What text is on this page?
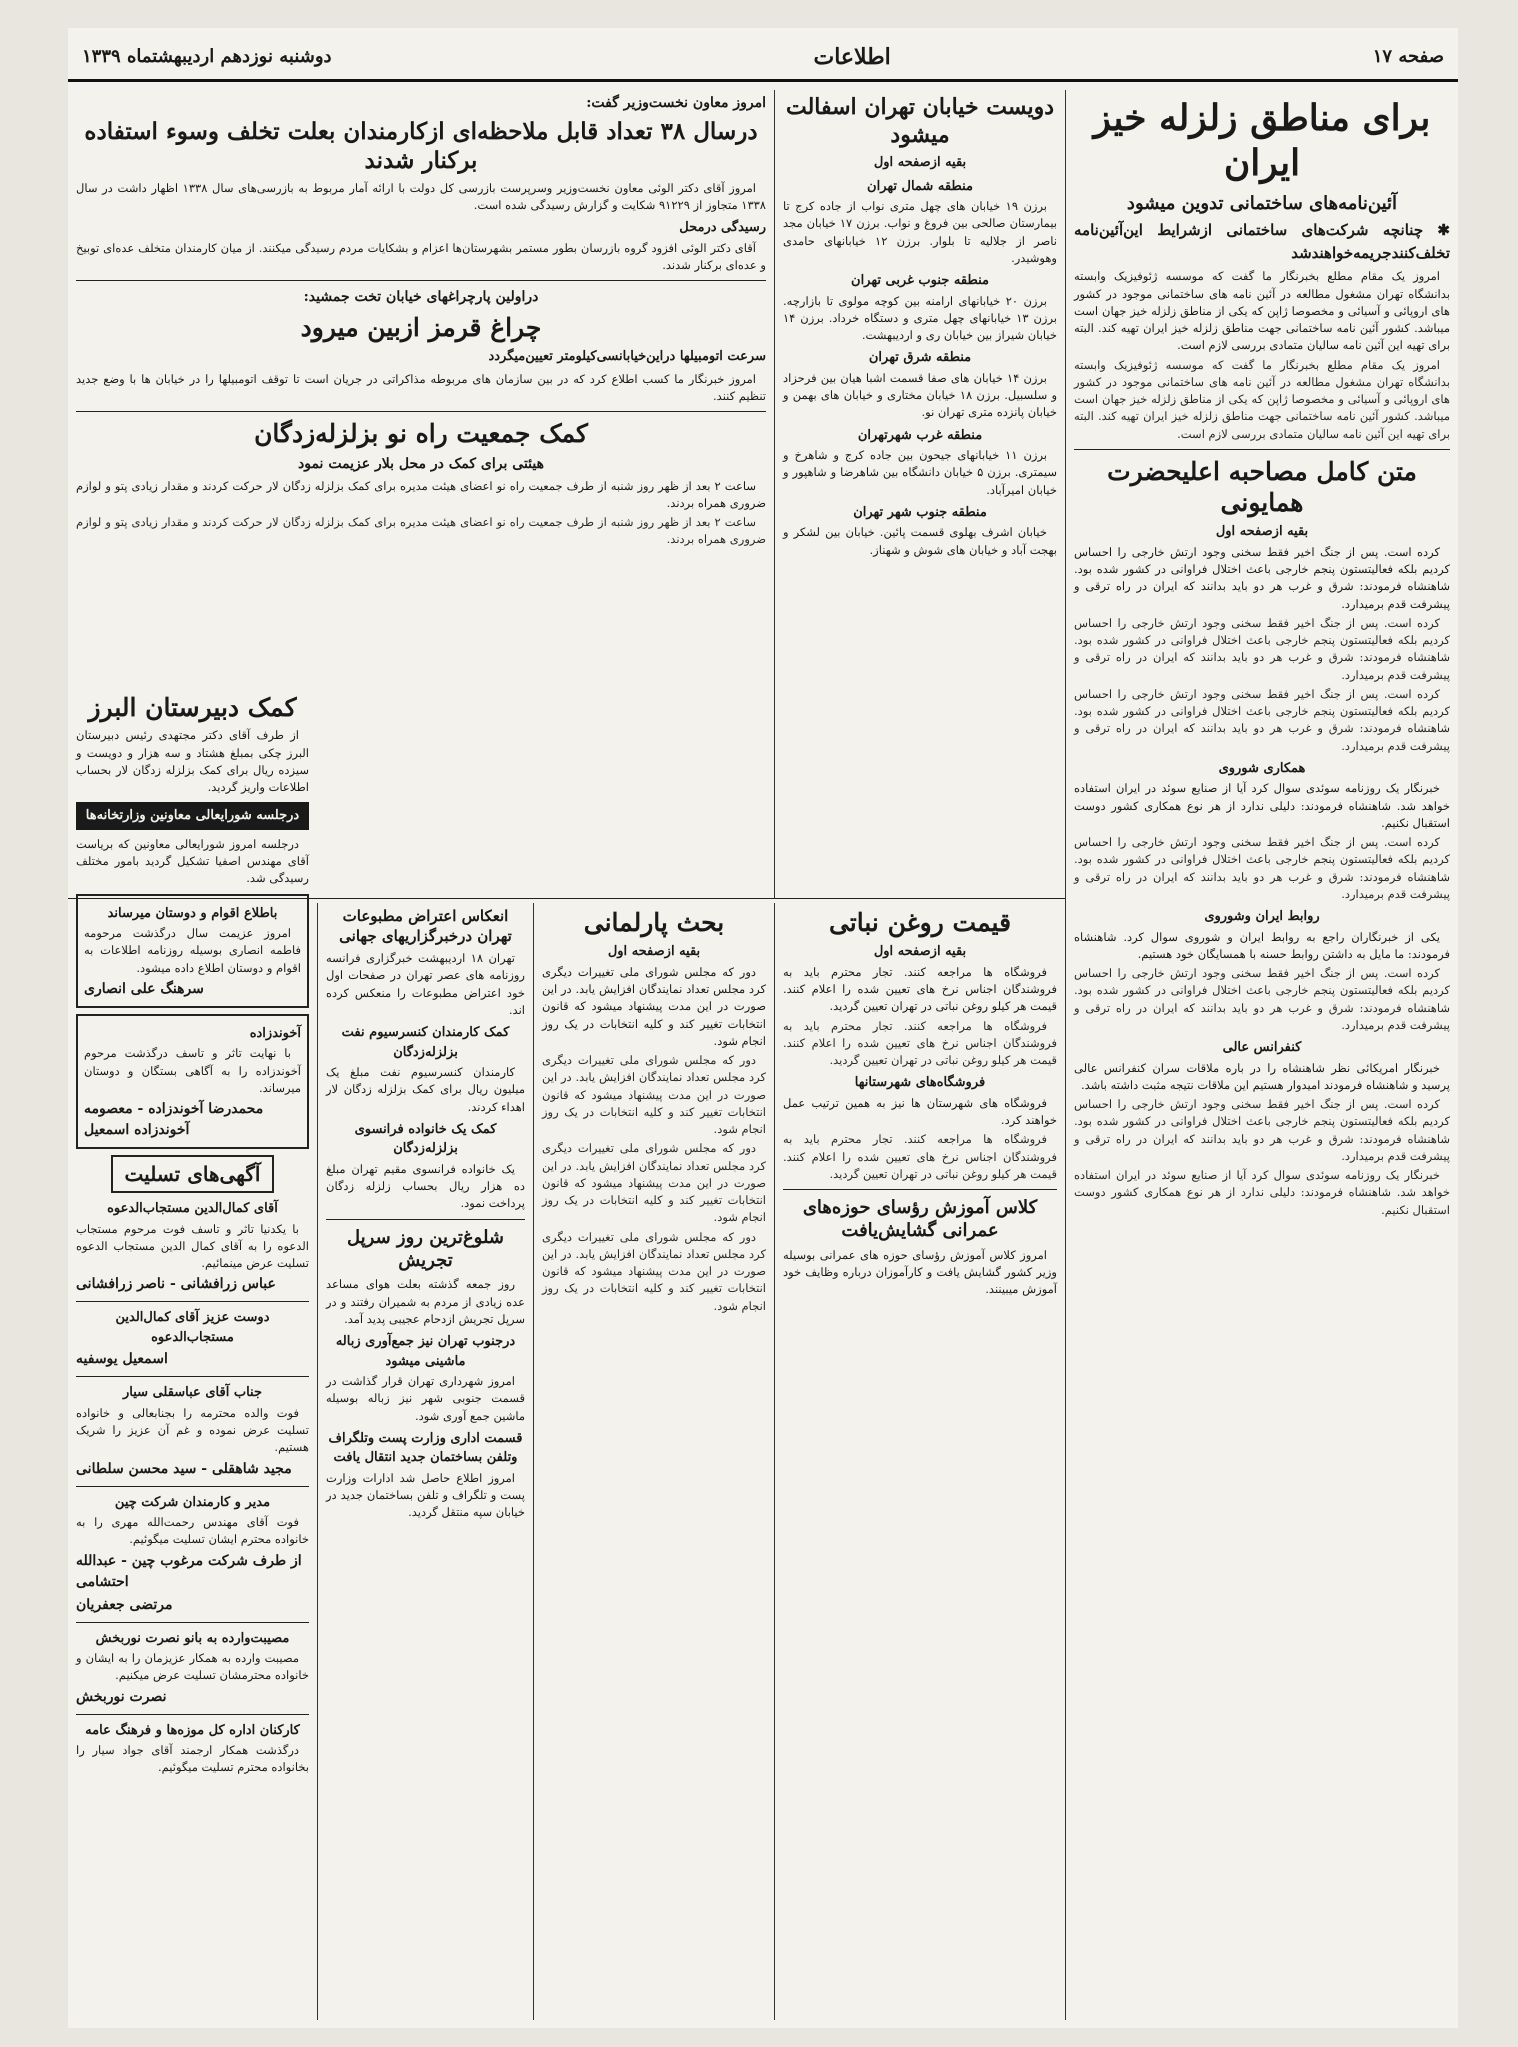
صفحه ۱۷
اطلاعات
دوشنبه نوزدهم اردیبهشتماه ۱۳۳۹
برای مناطق زلزله خیز ایران
آئین‌نامه‌های ساختمانی تدوین میشود
✱ چنانچه شرکت‌های ساختمانی ازشرایط این‌آئین‌نامه تخلف‌کنندجریمه‌خواهندشد

امروز یک مقام مطلع بخبرنگار ما گفت که موسسه ژئوفیزیک وابسته بدانشگاه تهران مشغول مطالعه در آئین نامه های ساختمانی موجود در کشور های اروپائی و آسیائی و مخصوصا ژاپن که یکی از مناطق زلزله خیز جهان است میباشد. کشور آئین نامه ساختمانی جهت مناطق زلزله خیز ایران تهیه کند. البته برای تهیه این آئین نامه سالیان متمادی بررسی لازم است.

امروز یک مقام مطلع بخبرنگار ما گفت که موسسه ژئوفیزیک وابسته بدانشگاه تهران مشغول مطالعه در آئین نامه های ساختمانی موجود در کشور های اروپائی و آسیائی و مخصوصا ژاپن که یکی از مناطق زلزله خیز جهان است میباشد. کشور آئین نامه ساختمانی جهت مناطق زلزله خیز ایران تهیه کند. البته برای تهیه این آئین نامه سالیان متمادی بررسی لازم است.

متن کامل مصاحبه اعلیحضرت همایونی
بقیه ازصفحه اول

کرده است. پس از جنگ اخیر فقط سخنی وجود ارتش خارجی را احساس کردیم بلکه فعالیتستون پنجم خارجی باعث اختلال فراوانی در کشور شده بود. شاهنشاه فرمودند: شرق و غرب هر دو باید بدانند که ایران در راه ترقی و پیشرفت قدم برمیدارد.

کرده است. پس از جنگ اخیر فقط سخنی وجود ارتش خارجی را احساس کردیم بلکه فعالیتستون پنجم خارجی باعث اختلال فراوانی در کشور شده بود. شاهنشاه فرمودند: شرق و غرب هر دو باید بدانند که ایران در راه ترقی و پیشرفت قدم برمیدارد.

کرده است. پس از جنگ اخیر فقط سخنی وجود ارتش خارجی را احساس کردیم بلکه فعالیتستون پنجم خارجی باعث اختلال فراوانی در کشور شده بود. شاهنشاه فرمودند: شرق و غرب هر دو باید بدانند که ایران در راه ترقی و پیشرفت قدم برمیدارد.

همکاری شوروی

خبرنگار یک روزنامه سوئدی سوال کرد آیا از صنایع سوئد در ایران استفاده خواهد شد. شاهنشاه فرمودند: دلیلی ندارد از هر نوع همکاری کشور دوست استقبال نکنیم.

کرده است. پس از جنگ اخیر فقط سخنی وجود ارتش خارجی را احساس کردیم بلکه فعالیتستون پنجم خارجی باعث اختلال فراوانی در کشور شده بود. شاهنشاه فرمودند: شرق و غرب هر دو باید بدانند که ایران در راه ترقی و پیشرفت قدم برمیدارد.

روابط ایران وشوروی

یکی از خبرنگاران راجع به روابط ایران و شوروی سوال کرد. شاهنشاه فرمودند: ما مایل به داشتن روابط حسنه با همسایگان خود هستیم.

کرده است. پس از جنگ اخیر فقط سخنی وجود ارتش خارجی را احساس کردیم بلکه فعالیتستون پنجم خارجی باعث اختلال فراوانی در کشور شده بود. شاهنشاه فرمودند: شرق و غرب هر دو باید بدانند که ایران در راه ترقی و پیشرفت قدم برمیدارد.

کنفرانس عالی

خبرنگار امریکائی نظر شاهنشاه را در باره ملاقات سران کنفرانس عالی پرسید و شاهنشاه فرمودند امیدوار هستیم این ملاقات نتیجه مثبت داشته باشد.

کرده است. پس از جنگ اخیر فقط سخنی وجود ارتش خارجی را احساس کردیم بلکه فعالیتستون پنجم خارجی باعث اختلال فراوانی در کشور شده بود. شاهنشاه فرمودند: شرق و غرب هر دو باید بدانند که ایران در راه ترقی و پیشرفت قدم برمیدارد.

خبرنگار یک روزنامه سوئدی سوال کرد آیا از صنایع سوئد در ایران استفاده خواهد شد. شاهنشاه فرمودند: دلیلی ندارد از هر نوع همکاری کشور دوست استقبال نکنیم.

دویست خیابان تهران اسفالت میشود
بقیه ازصفحه اول
منطقه شمال تهران

برزن ۱۹ خیابان های چهل متری نواب از جاده کرج تا بیمارستان صالحی بین فروغ و نواب. برزن ۱۷ خیابان مجد ناصر از جلالیه تا بلوار. برزن ۱۲ خیابانهای حامدی وهوشیدر.

منطقه جنوب غربی تهران

برزن ۲۰ خیابانهای ارامنه بین کوچه مولوی تا بازارچه. برزن ۱۳ خیابانهای چهل متری و دستگاه خرداد. برزن ۱۴ خیابان شیراز بین خیابان ری و اردیبهشت.

منطقه شرق تهران

برزن ۱۴ خیابان های صفا قسمت اشبا هیان بین فرحزاد و سلسبیل. برزن ۱۸ خیابان مختاری و خیابان های بهمن و خیابان پانزده متری تهران نو.

منطقه غرب شهرتهران

برزن ۱۱ خیابانهای جیحون بین جاده کرج و شاهرخ و سیمتری. برزن ۵ خیابان دانشگاه بین شاهرضا و شاهپور و خیابان امیرآباد.

منطقه جنوب شهر تهران

خیابان اشرف بهلوی قسمت پائین. خیابان بین لشکر و بهجت آباد و خیابان های شوش و شهناز.

امروز معاون نخست‌وزیر گفت:
درسال ۳۸ تعداد قابل ملاحظه‌ای ازکارمندان بعلت تخلف وسوء استفاده برکنار شدند

امروز آقای دکتر الوئی معاون نخست‌وزیر وسرپرست بازرسی کل دولت با ارائه آمار مربوط به بازرسی‌های سال ۱۳۳۸ اظهار داشت در سال ۱۳۳۸ متجاوز از ۹۱۲۲۹ شکایت و گزارش رسیدگی شده است.

رسیدگی درمحل

آقای دکتر الوئی افزود گروه بازرسان بطور مستمر بشهرستان‌ها اعزام و بشکایات مردم رسیدگی میکنند. از میان کارمندان متخلف عده‌ای توبیخ و عده‌ای برکنار شدند.

دراولین پارچراغهای خیابان تخت جمشید:
چراغ قرمز ازبین میرود
سرعت اتومبیلها دراین‌خیابانسی‌کیلومتر تعیین‌میگردد

امروز خبرنگار ما کسب اطلاع کرد که در بین سازمان های مربوطه مذاکراتی در جریان است تا توقف اتومبیلها را در خیابان ها با وضع جدید تنظیم کنند.

کمک جمعیت راه نو بزلزله‌زدگان
هیئتی برای کمک در محل بلار عزیمت نمود

ساعت ۲ بعد از ظهر روز شنبه از طرف جمعیت راه نو اعضای هیئت مدیره برای کمک بزلزله زدگان لار حرکت کردند و مقدار زیادی پتو و لوازم ضروری همراه بردند.

ساعت ۲ بعد از ظهر روز شنبه از طرف جمعیت راه نو اعضای هیئت مدیره برای کمک بزلزله زدگان لار حرکت کردند و مقدار زیادی پتو و لوازم ضروری همراه بردند.

قیمت روغن نباتی
بقیه ازصفحه اول

فروشگاه ها مراجعه کنند. تجار محترم باید به فروشندگان اجناس نرخ های تعیین شده را اعلام کنند. قیمت هر کیلو روغن نباتی در تهران تعیین گردید.

فروشگاه ها مراجعه کنند. تجار محترم باید به فروشندگان اجناس نرخ های تعیین شده را اعلام کنند. قیمت هر کیلو روغن نباتی در تهران تعیین گردید.

فروشگاه‌های شهرستانها

فروشگاه های شهرستان ها نیز به همین ترتیب عمل خواهند کرد.

فروشگاه ها مراجعه کنند. تجار محترم باید به فروشندگان اجناس نرخ های تعیین شده را اعلام کنند. قیمت هر کیلو روغن نباتی در تهران تعیین گردید.

کلاس آموزش رؤسای حوزه‌های عمرانی گشایش‌یافت

امروز کلاس آموزش رؤسای حوزه های عمرانی بوسیله وزیر کشور گشایش یافت و کارآموزان درباره وظایف خود آموزش میبینند.

بحث پارلمانی
بقیه ازصفحه اول

دور که مجلس شورای ملی تغییرات دیگری کرد مجلس تعداد نمایندگان افزایش یابد. در این صورت در این مدت پیشنهاد میشود که قانون انتخابات تغییر کند و کلیه انتخابات در یک روز انجام شود.

دور که مجلس شورای ملی تغییرات دیگری کرد مجلس تعداد نمایندگان افزایش یابد. در این صورت در این مدت پیشنهاد میشود که قانون انتخابات تغییر کند و کلیه انتخابات در یک روز انجام شود.

دور که مجلس شورای ملی تغییرات دیگری کرد مجلس تعداد نمایندگان افزایش یابد. در این صورت در این مدت پیشنهاد میشود که قانون انتخابات تغییر کند و کلیه انتخابات در یک روز انجام شود.

دور که مجلس شورای ملی تغییرات دیگری کرد مجلس تعداد نمایندگان افزایش یابد. در این صورت در این مدت پیشنهاد میشود که قانون انتخابات تغییر کند و کلیه انتخابات در یک روز انجام شود.

انعکاس اعتراض مطبوعات تهران درخبرگزاریهای جهانی

تهران ۱۸ اردیبهشت خبرگزاری فرانسه روزنامه های عصر تهران در صفحات اول خود اعتراض مطبوعات را منعکس کرده اند.

کمک کارمندان کنسرسیوم نفت بزلزله‌زدگان

کارمندان کنسرسیوم نفت مبلغ یک میلیون ریال برای کمک بزلزله زدگان لار اهداء کردند.

کمک یک خانواده فرانسوی بزلزله‌زدگان

یک خانواده فرانسوی مقیم تهران مبلغ ده هزار ریال بحساب زلزله زدگان پرداخت نمود.

شلوغ‌ترین روز سرپل تجریش

روز جمعه گذشته بعلت هوای مساعد عده زیادی از مردم به شمیران رفتند و در سرپل تجریش ازدحام عجیبی پدید آمد.

درجنوب تهران نیز جمع‌آوری زباله ماشینی میشود

امروز شهرداری تهران قرار گذاشت در قسمت جنوبی شهر نیز زباله بوسیله ماشین جمع آوری شود.

قسمت اداری وزارت پست وتلگراف وتلفن بساختمان جدید انتقال یافت

امروز اطلاع حاصل شد ادارات وزارت پست و تلگراف و تلفن بساختمان جدید در خیابان سپه منتقل گردید.

کمک دبیرستان البرز

از طرف آقای دکتر مجتهدی رئیس دبیرستان البرز چکی بمبلغ هشتاد و سه هزار و دویست و سیزده ریال برای کمک بزلزله زدگان لار بحساب اطلاعات واریز گردید.

درجلسه شورایعالی معاونین وزارتخانه‌ها

درجلسه امروز شورایعالی معاونین که بریاست آقای مهندس اصفیا تشکیل گردید بامور مختلف رسیدگی شد.

باطلاع اقوام و دوستان میرساند

امروز عزیمت سال درگذشت مرحومه فاطمه انصاری بوسیله روزنامه اطلاعات به اقوام و دوستان اطلاع داده میشود.

سرهنگ علی انصاری
آخوندزاده

با نهایت تاثر و تاسف درگذشت مرحوم آخوندزاده را به آگاهی بستگان و دوستان میرساند.

محمدرضا آخوندزاده - معصومه آخوندزاده اسمعیل
آگهی‌های تسلیت
آقای کمال‌الدین مستجاب‌الدعوه

با یکدنیا تاثر و تاسف فوت مرحوم مستجاب الدعوه را به آقای کمال الدین مستجاب الدعوه تسلیت عرض مینمائیم.

عباس زرافشانی - ناصر زرافشانی
دوست عزیز آقای کمال‌الدین مستجاب‌الدعوه
اسمعیل یوسفیه
جناب آقای عباسقلی سیار

فوت والده محترمه را بجنابعالی و خانواده تسلیت عرض نموده و غم آن عزیز را شریک هستیم.

مجید شاهقلی - سید محسن سلطانی
مدیر و کارمندان شرکت چین

فوت آقای مهندس رحمت‌الله مهری را به خانواده محترم ایشان تسلیت میگوئیم.

از طرف شرکت مرغوب چین - عبدالله احتشامی
مرتضی جعفریان
مصیبت‌وارده به بانو نصرت نوربخش

مصیبت وارده به همکار عزیزمان را به ایشان و خانواده محترمشان تسلیت عرض میکنیم.

نصرت نوربخش
کارکنان اداره کل موزه‌ها و فرهنگ عامه

درگذشت همکار ارجمند آقای جواد سیار را بخانواده محترم تسلیت میگوئیم.
